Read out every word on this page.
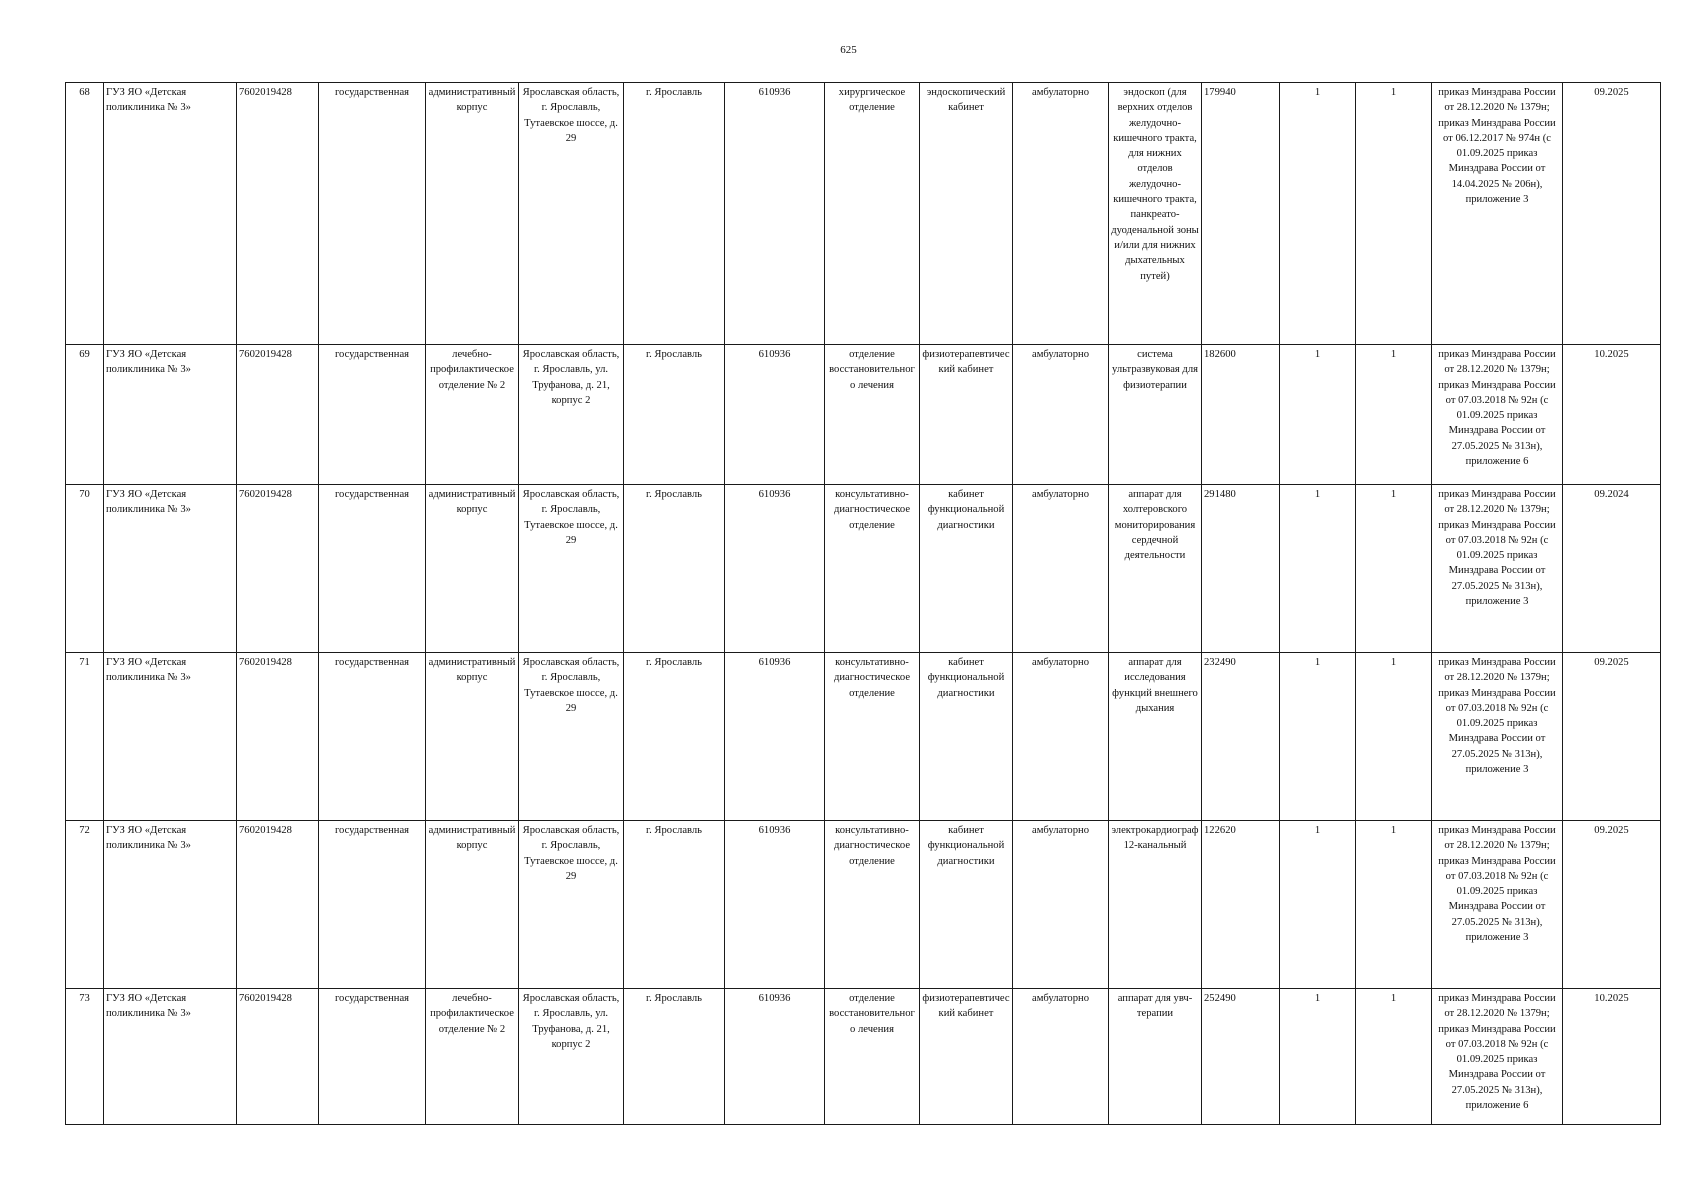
625
68	ГУЗ ЯО «Детская поликлиника № 3»	7602019428	государственная	административный корпус	Ярославская область, г. Ярославль, Тутаевское шоссе, д. 29	г. Ярославль	610936	хирургическое отделение	эндоскопический кабинет	амбулаторно	эндоскоп (для верхних отделов желудочно-кишечного тракта, для нижних отделов желудочно-кишечного тракта, панкреато-дуоденальной зоны и/или для нижних дыхательных путей)	179940	1	1	приказ Минздрава России от 28.12.2020 № 1379н; приказ Минздрава России от 06.12.2017 № 974н (с 01.09.2025 приказ Минздрава России от 14.04.2025 № 206н), приложение 3	09.2025
69	ГУЗ ЯО «Детская поликлиника № 3»	7602019428	государственная	лечебно-профилактическое отделение № 2	Ярославская область, г. Ярославль, ул. Труфанова, д. 21, корпус 2	г. Ярославль	610936	отделение восстановительного лечения	физиотерапевтический кабинет	амбулаторно	система ультразвуковая для физиотерапии	182600	1	1	приказ Минздрава России от 28.12.2020 № 1379н; приказ Минздрава России от 07.03.2018 № 92н (с 01.09.2025 приказ Минздрава России от 27.05.2025 № 313н), приложение 6	10.2025
70	ГУЗ ЯО «Детская поликлиника № 3»	7602019428	государственная	административный корпус	Ярославская область, г. Ярославль, Тутаевское шоссе, д. 29	г. Ярославль	610936	консультативно-диагностическое отделение	кабинет функциональной диагностики	амбулаторно	аппарат для холтеровского мониторирования сердечной деятельности	291480	1	1	приказ Минздрава России от 28.12.2020 № 1379н; приказ Минздрава России от 07.03.2018 № 92н (с 01.09.2025 приказ Минздрава России от 27.05.2025 № 313н), приложение 3	09.2024
71	ГУЗ ЯО «Детская поликлиника № 3»	7602019428	государственная	административный корпус	Ярославская область, г. Ярославль, Тутаевское шоссе, д. 29	г. Ярославль	610936	консультативно-диагностическое отделение	кабинет функциональной диагностики	амбулаторно	аппарат для исследования функций внешнего дыхания	232490	1	1	приказ Минздрава России от 28.12.2020 № 1379н; приказ Минздрава России от 07.03.2018 № 92н (с 01.09.2025 приказ Минздрава России от 27.05.2025 № 313н), приложение 3	09.2025
72	ГУЗ ЯО «Детская поликлиника № 3»	7602019428	государственная	административный корпус	Ярославская область, г. Ярославль, Тутаевское шоссе, д. 29	г. Ярославль	610936	консультативно-диагностическое отделение	кабинет функциональной диагностики	амбулаторно	электрокардиограф 12-канальный	122620	1	1	приказ Минздрава России от 28.12.2020 № 1379н; приказ Минздрава России от 07.03.2018 № 92н (с 01.09.2025 приказ Минздрава России от 27.05.2025 № 313н), приложение 3	09.2025
73	ГУЗ ЯО «Детская поликлиника № 3»	7602019428	государственная	лечебно-профилактическое отделение № 2	Ярославская область, г. Ярославль, ул. Труфанова, д. 21, корпус 2	г. Ярославль	610936	отделение восстановительного лечения	физиотерапевтический кабинет	амбулаторно	аппарат для увч-терапии	252490	1	1	приказ Минздрава России от 28.12.2020 № 1379н; приказ Минздрава России от 07.03.2018 № 92н (с 01.09.2025 приказ Минздрава России от 27.05.2025 № 313н), приложение 6	10.2025
